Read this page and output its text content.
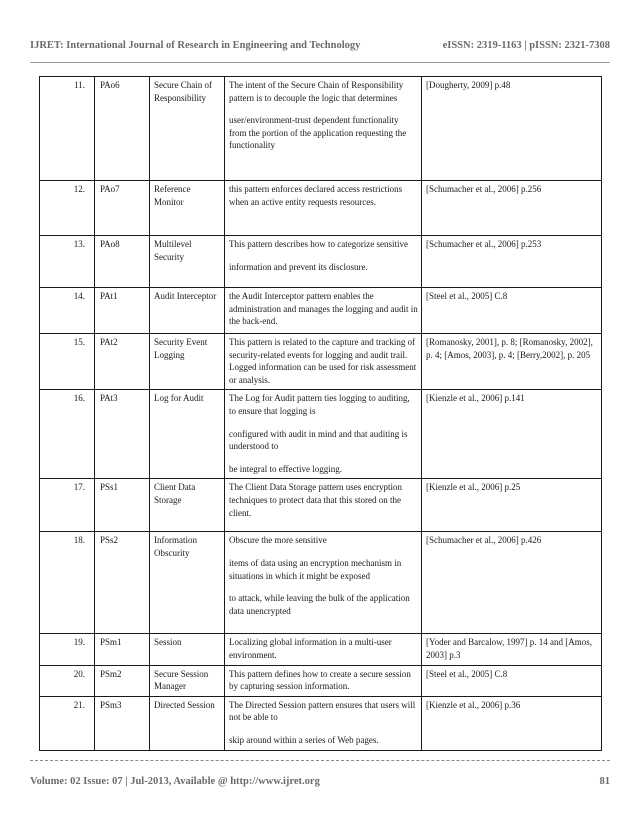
IJRET: International Journal of Research in Engineering and Technology	eISSN: 2319-1163 | pISSN: 2321-7308
11.	PAo6	Secure Chain of Responsibility	The intent of the Secure Chain of Responsibility pattern is to decouple the logic that determines
user/environment-trust dependent functionality from the portion of the application requesting the functionality	[Dougherty, 2009] p.48
12.	PAo7	Reference Monitor	this pattern enforces declared access restrictions when an active entity requests resources.	[Schumacher et al., 2006] p.256
13.	PAo8	Multilevel Security	This pattern describes how to categorize sensitive
information and prevent its disclosure.	[Schumacher et al., 2006] p.253
14.	PAt1	Audit Interceptor	the Audit Interceptor pattern enables the administration and manages the logging and audit in the back-end.	[Steel et al., 2005] C.8
15.	PAt2	Security Event Logging	This pattern is related to the capture and tracking of security-related events for logging and audit trail. Logged information can be used for risk assessment or analysis.	[Romanosky, 2001], p. 8; [Romanosky, 2002], p. 4; [Amos, 2003], p. 4; [Berry,2002], p. 205
16.	PAt3	Log for Audit	The Log for Audit pattern ties logging to auditing, to ensure that logging is
configured with audit in mind and that auditing is understood to
be integral to effective logging.	[Kienzle et al., 2006] p.141
17.	PSs1	Client Data Storage	The Client Data Storage pattern uses encryption techniques to protect data that this stored on the client.	[Kienzle et al., 2006] p.25
18.	PSs2	Information Obscurity	Obscure the more sensitive
items of data using an encryption mechanism in situations in which it might be exposed
to attack, while leaving the bulk of the application data unencrypted	[Schumacher et al., 2006] p.426
19.	PSm1	Session	Localizing global information in a multi-user environment.	[Yoder and Barcalow, 1997] p. 14 and [Amos, 2003] p.3
20.	PSm2	Secure Session Manager	This pattern defines how to create a secure session by capturing session information.	[Steel et al., 2005] C.8
21.	PSm3	Directed Session	The Directed Session pattern ensures that users will not be able to
skip around within a series of Web pages.	[Kienzle et al., 2006] p.36
Volume: 02 Issue: 07 | Jul-2013, Available @ http://www.ijret.org	81
